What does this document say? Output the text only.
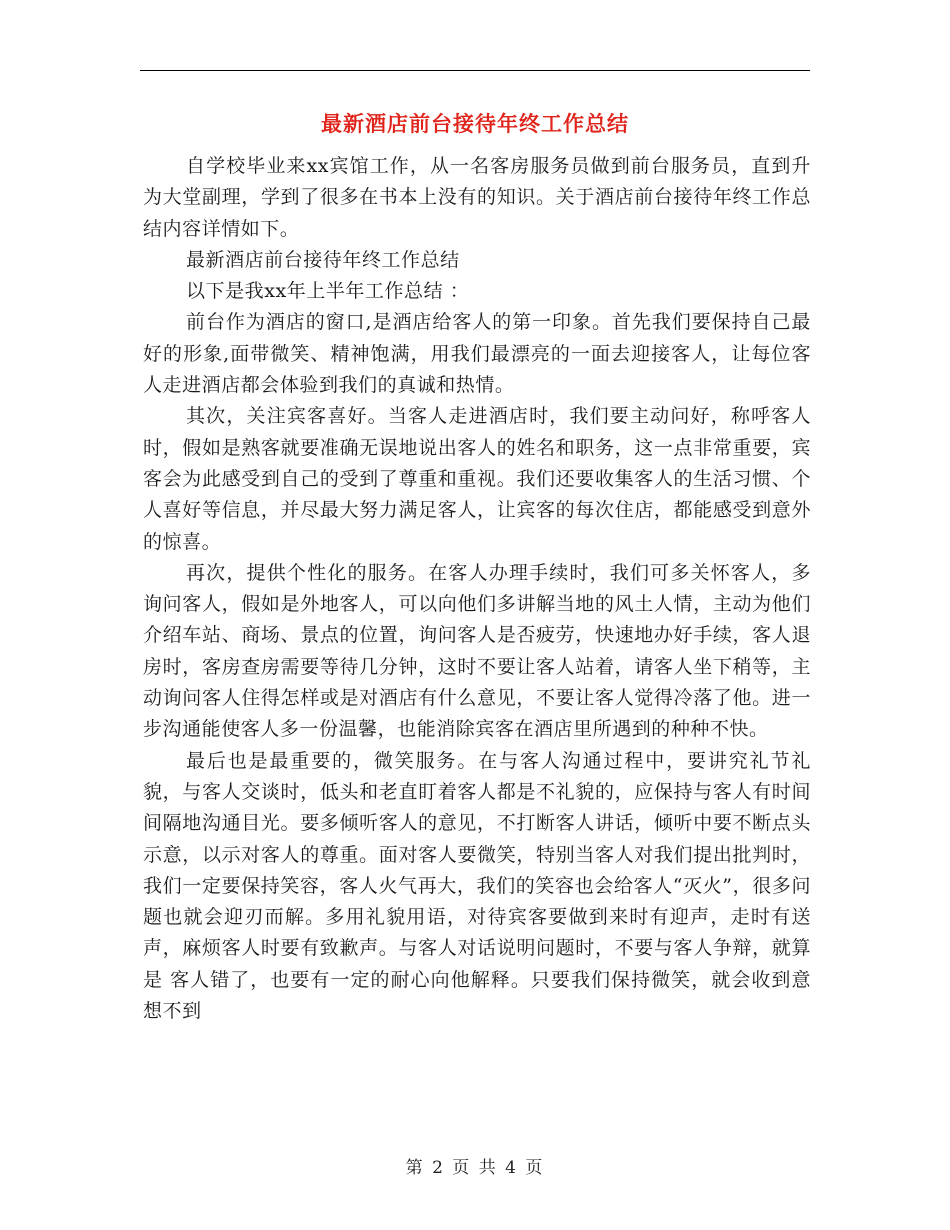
最新酒店前台接待年终工作总结

自学校毕业来xx宾馆工作，从一名客房服务员做到前台服务员，直到升为大堂副理，学到了很多在书本上没有的知识。关于酒店前台接待年终工作总结内容详情如下。

最新酒店前台接待年终工作总结

以下是我xx年上半年工作总结 ：

前台作为酒店的窗口,是酒店给客人的第一印象。首先我们要保持自己最好的形象,面带微笑、精神饱满，用我们最漂亮的一面去迎接客人，让每位客人走进酒店都会体验到我们的真诚和热情。

其次，关注宾客喜好。当客人走进酒店时，我们要主动问好，称呼客人时，假如是熟客就要准确无误地说出客人的姓名和职务，这一点非常重要，宾客会为此感受到自己的受到了尊重和重视。我们还要收集客人的生活习惯、个人喜好等信息，并尽最大努力满足客人，让宾客的每次住店，都能感受到意外的惊喜。

再次，提供个性化的服务。在客人办理手续时，我们可多关怀客人，多询问客人，假如是外地客人，可以向他们多讲解当地的风土人情，主动为他们介绍车站、商场、景点的位置，询问客人是否疲劳，快速地办好手续，客人退房时，客房查房需要等待几分钟，这时不要让客人站着，请客人坐下稍等，主动询问客人住得怎样或是对酒店有什么意见，不要让客人觉得冷落了他。进一步沟通能使客人多一份温馨，也能消除宾客在酒店里所遇到的种种不快。

最后也是最重要的，微笑服务。在与客人沟通过程中，要讲究礼节礼貌，与客人交谈时，低头和老直盯着客人都是不礼貌的，应保持与客人有时间间隔地沟通目光。要多倾听客人的意见，不打断客人讲话，倾听中要不断点头示意，以示对客人的尊重。面对客人要微笑，特别当客人对我们提出批判时，我们一定要保持笑容，客人火气再大，我们的笑容也会给客人“灭火”，很多问题也就会迎刃而解。多用礼貌用语，对待宾客要做到来时有迎声，走时有送声，麻烦客人时要有致歉声。与客人对话说明问题时，不要与客人争辩，就算是 客人错了，也要有一定的耐心向他解释。只要我们保持微笑，就会收到意想不到

第 2 页 共 4 页
